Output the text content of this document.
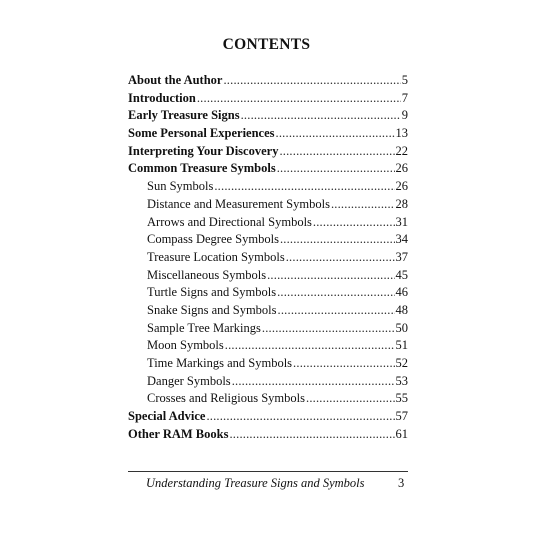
CONTENTS
About the Author .....	5
Introduction .....	7
Early Treasure Signs .....	9
Some Personal Experiences .....	13
Interpreting Your Discovery .....	22
Common Treasure Symbols .....	26
Sun Symbols .....	26
Distance and Measurement Symbols .....	28
Arrows and Directional Symbols .....	31
Compass Degree Symbols .....	34
Treasure Location Symbols .....	37
Miscellaneous Symbols .....	45
Turtle Signs and Symbols .....	46
Snake Signs and Symbols .....	48
Sample Tree Markings .....	50
Moon Symbols .....	51
Time Markings and Symbols .....	52
Danger Symbols .....	53
Crosses and Religious Symbols .....	55
Special Advice .....	57
Other RAM Books .....	61
Understanding Treasure Signs and Symbols	3
